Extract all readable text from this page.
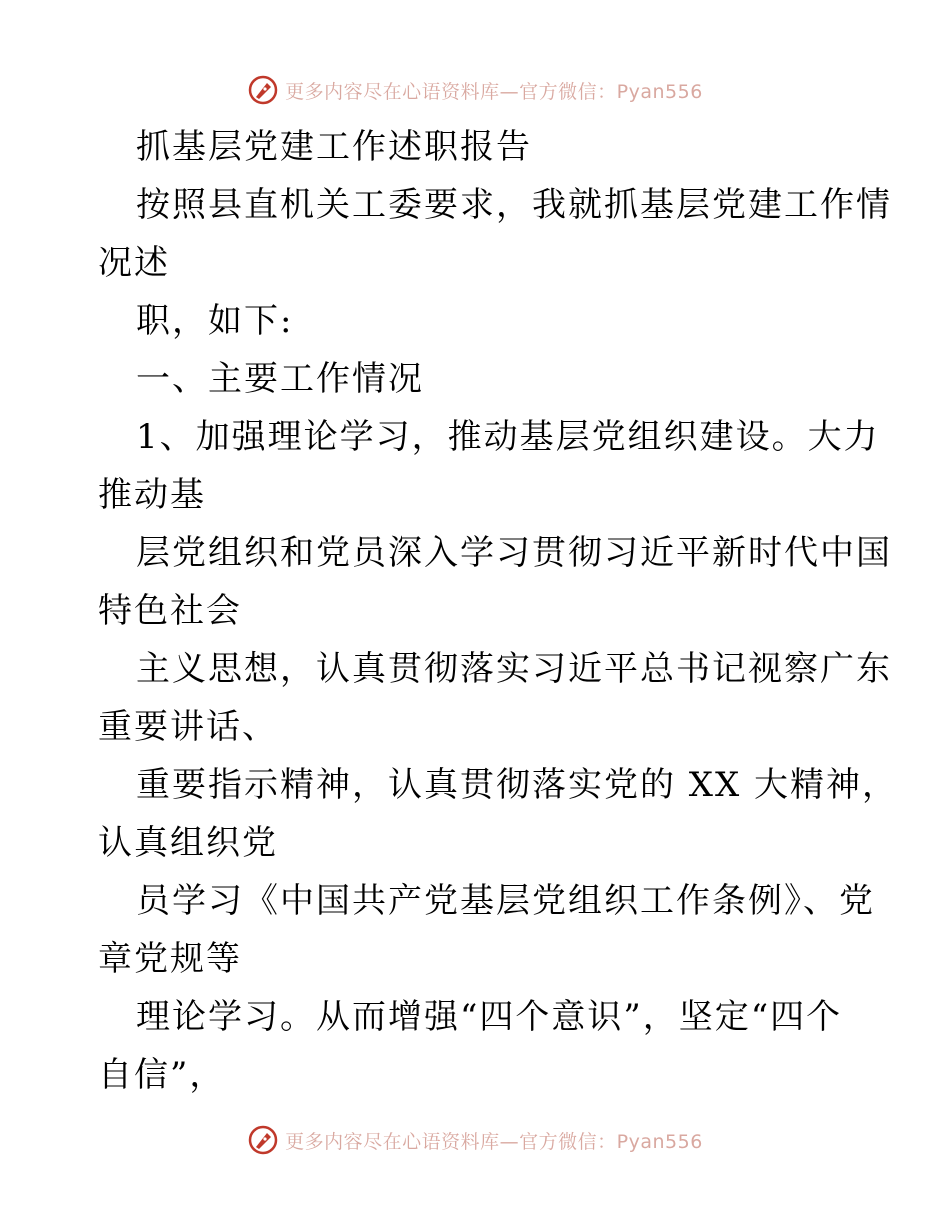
更多内容尽在心语资料库—官方微信：Pyan556
抓基层党建工作述职报告
按照县直机关工委要求，我就抓基层党建工作情
况述
职，如下:
一、主要工作情况
1、加强理论学习，推动基层党组织建设。大力
推动基
层党组织和党员深入学习贯彻习近平新时代中国
特色社会
主义思想，认真贯彻落实习近平总书记视察广东
重要讲话、
重要指示精神，认真贯彻落实党的 XX 大精神，
认真组织党
员学习《中国共产党基层党组织工作条例》、党
章党规等
理论学习。从而增强“四个意识”，坚定“四个
自信”，
更多内容尽在心语资料库—官方微信：Pyan556
